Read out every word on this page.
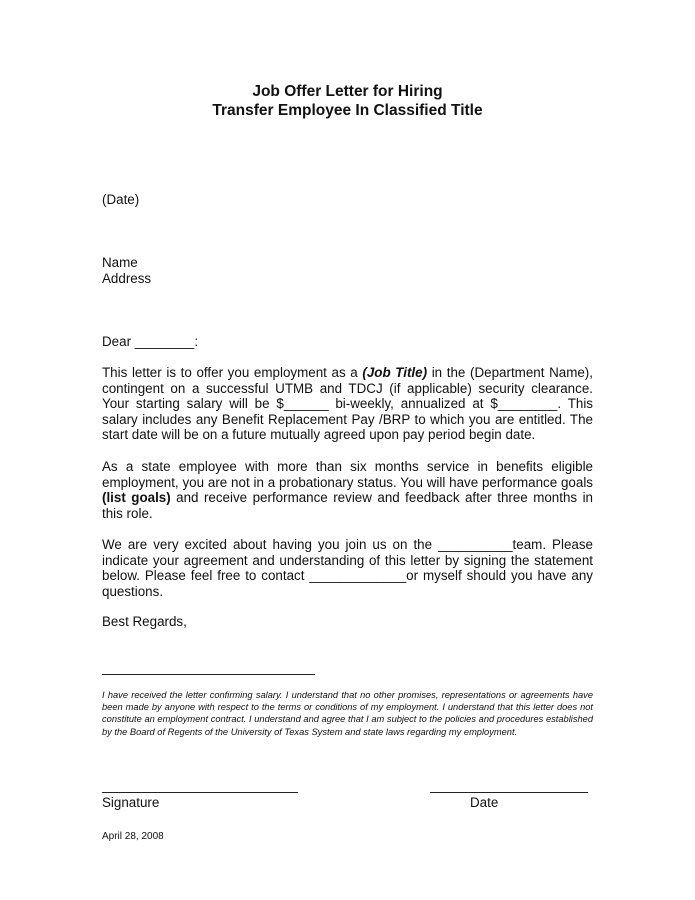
Job Offer Letter for Hiring
Transfer Employee In Classified Title
(Date)
Name
Address
Dear ________:
This letter is to offer you employment as a (Job Title) in the (Department Name), contingent on a successful UTMB and TDCJ (if applicable) security clearance. Your starting salary will be $______ bi-weekly, annualized at $________. This salary includes any Benefit Replacement Pay /BRP to which you are entitled. The start date will be on a future mutually agreed upon pay period begin date.
As a state employee with more than six months service in benefits eligible employment, you are not in a probationary status. You will have performance goals (list goals) and receive performance review and feedback after three months in this role.
We are very excited about having you join us on the __________team. Please indicate your agreement and understanding of this letter by signing the statement below. Please feel free to contact _____________or myself should you have any questions.
Best Regards,
I have received the letter confirming salary. I understand that no other promises, representations or agreements have been made by anyone with respect to the terms or conditions of my employment. I understand that this letter does not constitute an employment contract. I understand and agree that I am subject to the policies and procedures established by the Board of Regents of the University of Texas System and state laws regarding my employment.
Signature	Date
April 28, 2008
